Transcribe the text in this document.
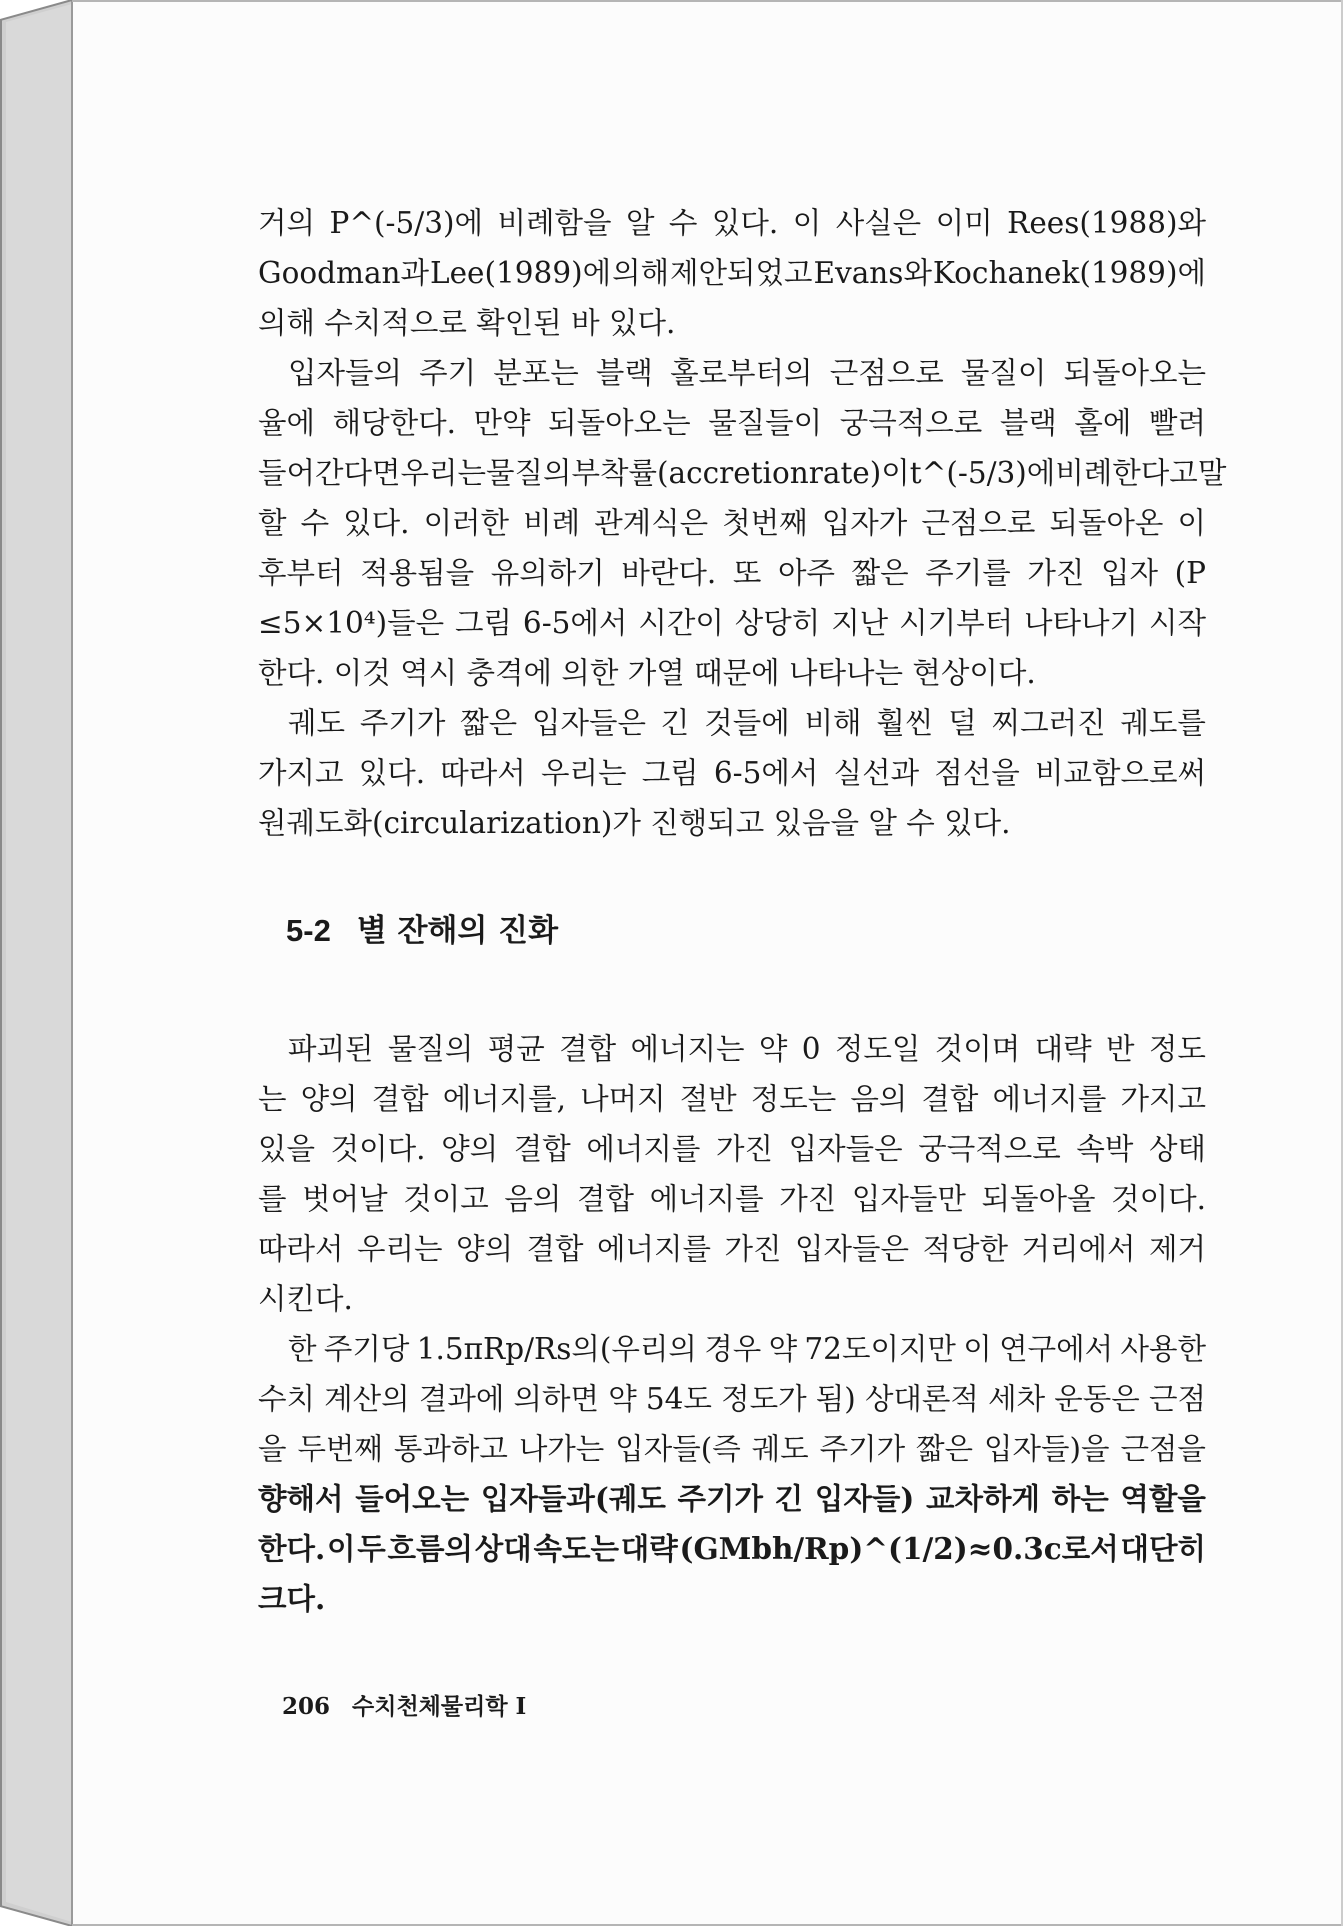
거의 P^(-5/3)에 비례함을 알 수 있다. 이 사실은 이미 Rees(1988)와
Goodman과 Lee(1989)에 의해 제안되었고 Evans와 Kochanek(1989)에
의해 수치적으로 확인된 바 있다.
입자들의 주기 분포는 블랙 홀로부터의 근점으로 물질이 되돌아오는
율에 해당한다. 만약 되돌아오는 물질들이 궁극적으로 블랙 홀에 빨려
들어간다면 우리는 물질의 부착률(accretion rate)이 t^(-5/3)에 비례한다고 말
할 수 있다. 이러한 비례 관계식은 첫번째 입자가 근점으로 되돌아온 이
후부터 적용됨을 유의하기 바란다. 또 아주 짧은 주기를 가진 입자 (P
≤5×10⁴)들은 그림 6-5에서 시간이 상당히 지난 시기부터 나타나기 시작
한다. 이것 역시 충격에 의한 가열 때문에 나타나는 현상이다.
궤도 주기가 짧은 입자들은 긴 것들에 비해 훨씬 덜 찌그러진 궤도를
가지고 있다. 따라서 우리는 그림 6-5에서 실선과 점선을 비교함으로써
원궤도화(circularization)가 진행되고 있음을 알 수 있다.
5-2 별 잔해의 진화
파괴된 물질의 평균 결합 에너지는 약 0 정도일 것이며 대략 반 정도
는 양의 결합 에너지를, 나머지 절반 정도는 음의 결합 에너지를 가지고
있을 것이다. 양의 결합 에너지를 가진 입자들은 궁극적으로 속박 상태
를 벗어날 것이고 음의 결합 에너지를 가진 입자들만 되돌아올 것이다.
따라서 우리는 양의 결합 에너지를 가진 입자들은 적당한 거리에서 제거
시킨다.
한 주기당 1.5πRp/Rs의(우리의 경우 약 72도이지만 이 연구에서 사용한
수치 계산의 결과에 의하면 약 54도 정도가 됨) 상대론적 세차 운동은 근점
을 두번째 통과하고 나가는 입자들(즉 궤도 주기가 짧은 입자들)을 근점을
향해서 들어오는 입자들과(궤도 주기가 긴 입자들) 교차하게 하는 역할을
한다. 이 두 흐름의 상대 속도는 대략 (GMbh/Rp)^(1/2)≈0.3c로서 대단히
크다.
206 수치천체물리학 I
